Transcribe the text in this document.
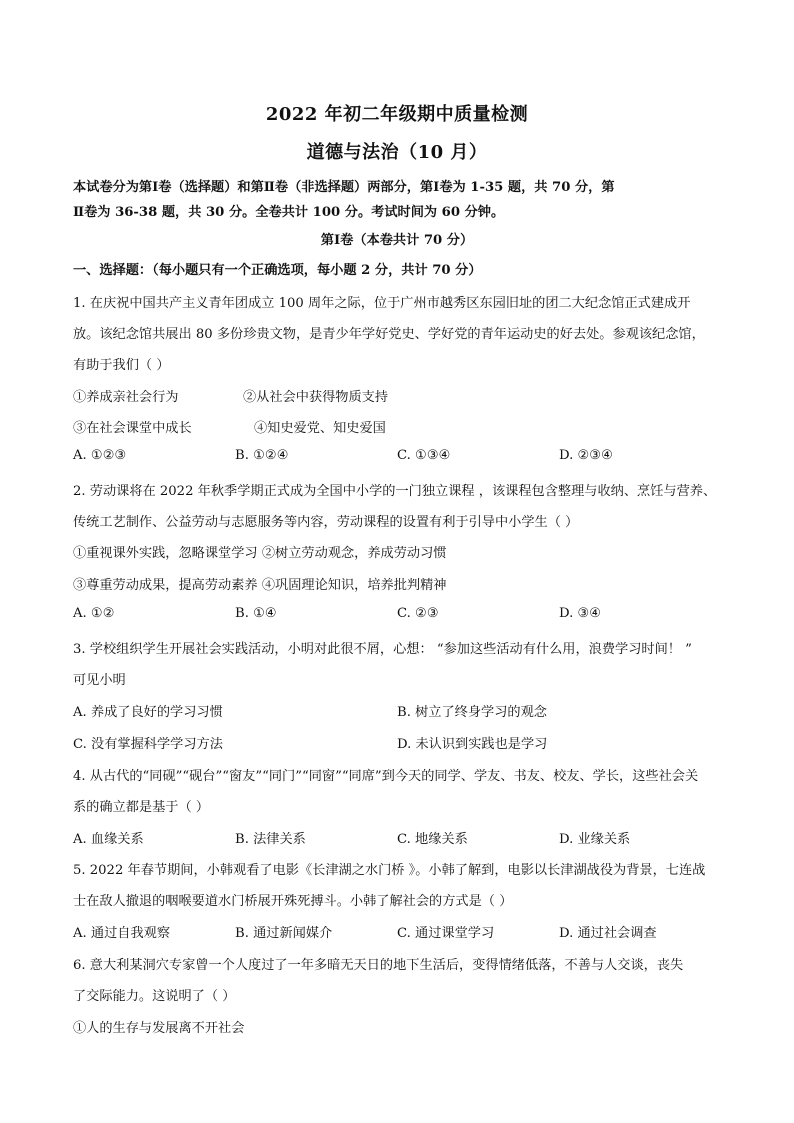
2022 年初二年级期中质量检测
道德与法治（10 月）
本试卷分为第Ⅰ卷（选择题）和第Ⅱ卷（非选择题）两部分，第Ⅰ卷为 1-35 题，共 70 分，第
Ⅱ卷为 36-38 题，共 30 分。全卷共计 100 分。考试时间为 60 分钟。
第Ⅰ卷（本卷共计 70 分）
一、选择题：（每小题只有一个正确选项，每小题 2 分，共计 70 分）
1. 在庆祝中国共产主义青年团成立 100 周年之际，位于广州市越秀区东园旧址的团二大纪念馆正式建成开
放。该纪念馆共展出 80 多份珍贵文物，是青少年学好党史、学好党的青年运动史的好去处。参观该纪念馆，
有助于我们（ ）
①养成亲社会行为	②从社会中获得物质支持
③在社会课堂中成长	④知史爱党、知史爱国
A. ①②③	B. ①②④	C. ①③④	D. ②③④
2. 劳动课将在 2022 年秋季学期正式成为全国中小学的一门独立课程 ，该课程包含整理与收纳、烹饪与营养、
传统工艺制作、公益劳动与志愿服务等内容，劳动课程的设置有利于引导中小学生（ ）
①重视课外实践，忽略课堂学习 ②树立劳动观念，养成劳动习惯
③尊重劳动成果，提高劳动素养 ④巩固理论知识，培养批判精神
A. ①②	B. ①④	C. ②③	D. ③④
3. 学校组织学生开展社会实践活动，小明对此很不屑，心想： “参加这些活动有什么用，浪费学习时间！ ”
可见小明
A. 养成了良好的学习习惯	B. 树立了终身学习的观念
C. 没有掌握科学学习方法	D. 未认识到实践也是学习
4. 从古代的“同砚”“砚台”“窗友”“同门”“同窗”“同席”到今天的同学、学友、书友、校友、学长，这些社会关
系的确立都是基于（ ）
A. 血缘关系	B. 法律关系	C. 地缘关系	D. 业缘关系
5. 2022 年春节期间，小韩观看了电影《长津湖之水门桥 》。小韩了解到，电影以长津湖战役为背景，七连战
士在敌人撤退的咽喉要道水门桥展开殊死搏斗。小韩了解社会的方式是（ ）
A. 通过自我观察	B. 通过新闻媒介	C. 通过课堂学习	D. 通过社会调查
6. 意大利某洞穴专家曾一个人度过了一年多暗无天日的地下生活后，变得情绪低落，不善与人交谈，丧失
了交际能力。这说明了（ ）
①人的生存与发展离不开社会
